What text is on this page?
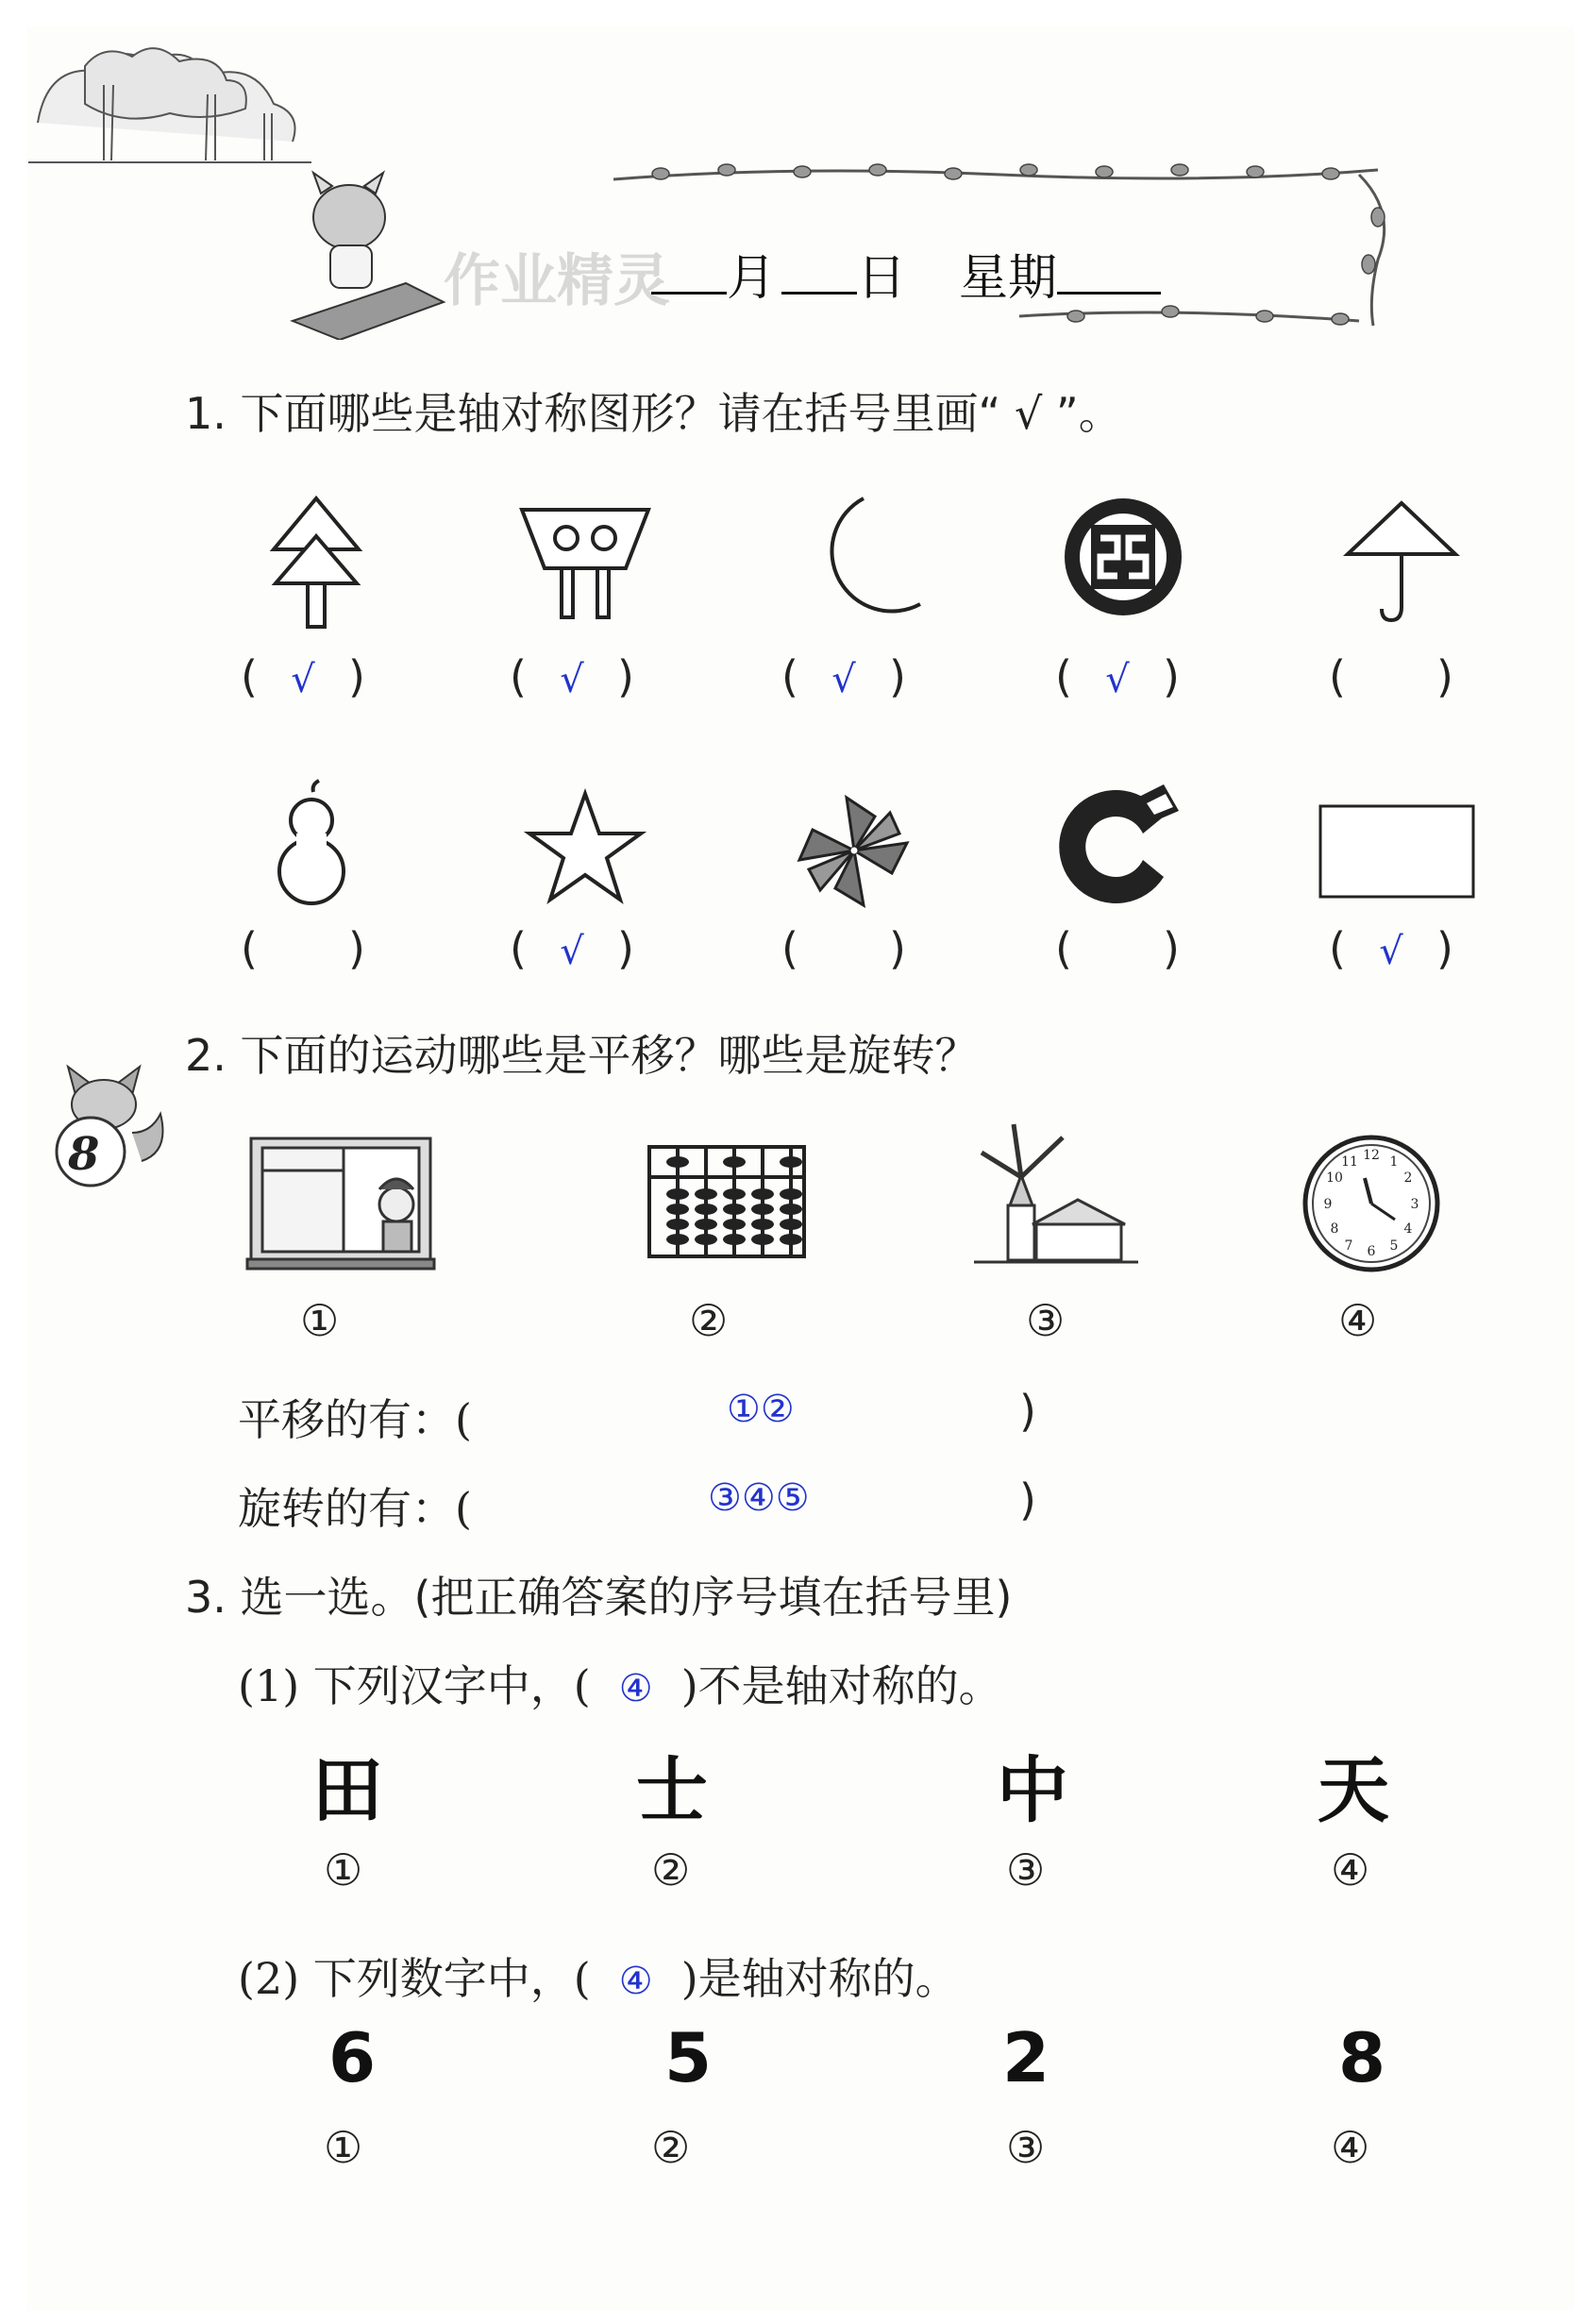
作业精灵	月 日 星期
1. 下面哪些是轴对称图形？请在括号里画“ √ ”。
( √ )	( √ )	( √ )	( √ )	( )
( )	( √ )	( )	( )	( √ )
2. 下面的运动哪些是平移？哪些是旋转？
8	12 1
2
3
4
5
6
7
8
9
10
11
①	②	③	④
平移的有：(	①②	)
旋转的有：(	③④⑤	)
3. 选一选。(把正确答案的序号填在括号里)
(1) 下列汉字中，( ④ )不是轴对称的。
田	士	中	天
①	②	③	④
(2) 下列数字中，( ④ )是轴对称的。
6	5	2	8
①	②	③	④
